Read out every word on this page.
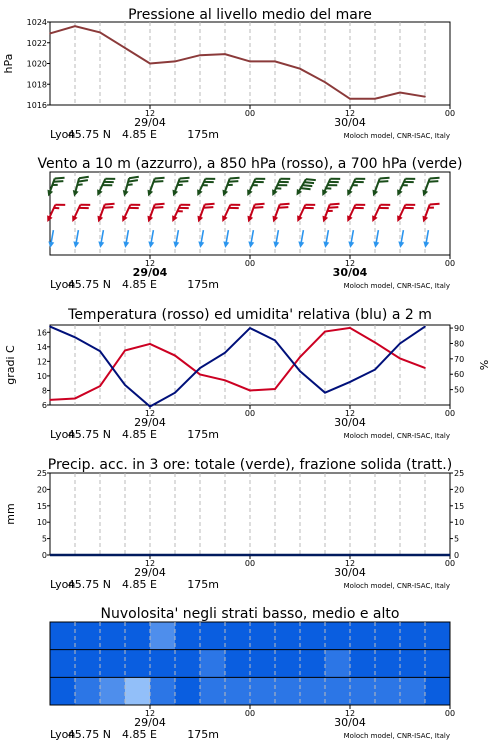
Pressione al livello medio del mare
12	00	12	00
29/04	30/04
Lyon
45.75 N 4.85 E	175m	Moloch model, CNR-ISAC, Italy
1016
1018
1020
1022
1024
hPa
Vento a 10 m (azzurro), a 850 hPa (rosso), a 700 hPa (verde)
12	00	12	00
29/04	30/04
Lyon
45.75 N 4.85 E	175m	Moloch model, CNR-ISAC, Italy
Temperatura (rosso) ed umidita' relativa (blu) a 2 m
12	00	12	00
29/04	30/04
Lyon
45.75 N 4.85 E	175m	Moloch model, CNR-ISAC, Italy
6
8
10
12
14
16
gradi C
50
60
70
80
90
%
Precip. acc. in 3 ore: totale (verde), frazione solida (tratt.)
12	00	12	00
29/04	30/04
Lyon
45.75 N 4.85 E	175m	Moloch model, CNR-ISAC, Italy
0
5
10
15
20
25
mm
0
5
10
15
20
25
Nuvolosita' negli strati basso, medio e alto
12	00	12	00
29/04	30/04
Lyon
45.75 N 4.85 E	175m	Moloch model, CNR-ISAC, Italy
